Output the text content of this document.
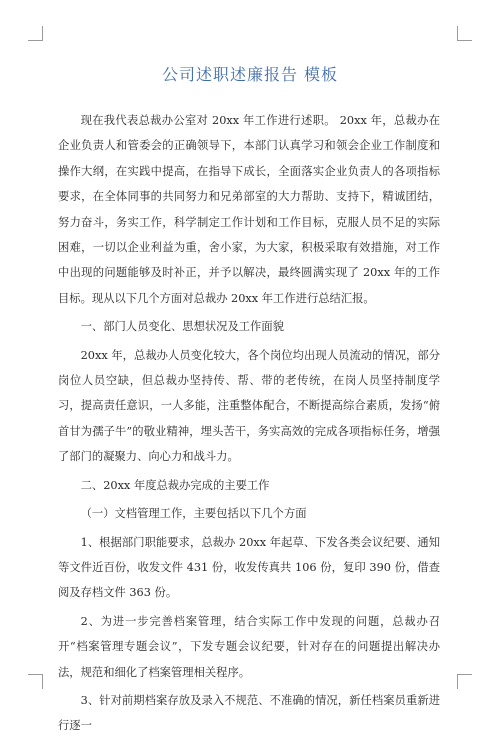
公司述职述廉报告 模板

现在我代表总裁办公室对 20xx 年工作进行述职。 20xx 年，总裁办在企业负责人和管委会的正确领导下，本部门认真学习和领会企业工作制度和操作大纲，在实践中提高，在指导下成长，全面落实企业负责人的各项指标要求，在全体同事的共同努力和兄弟部室的大力帮助、支持下，精诚团结，努力奋斗，务实工作，科学制定工作计划和工作目标，克服人员不足的实际困难，一切以企业利益为重，舍小家，为大家，积极采取有效措施，对工作中出现的问题能够及时补正，并予以解决，最终圆满实现了 20xx 年的工作目标。现从以下几个方面对总裁办 20xx 年工作进行总结汇报。

一、部门人员变化、思想状况及工作面貌

20xx 年，总裁办人员变化较大，各个岗位均出现人员流动的情况，部分岗位人员空缺，但总裁办坚持传、帮、带的老传统，在岗人员坚持制度学习，提高责任意识，一人多能，注重整体配合，不断提高综合素质，发扬“俯首甘为孺子牛”的敬业精神，埋头苦干，务实高效的完成各项指标任务，增强了部门的凝聚力、向心力和战斗力。

二、20xx 年度总裁办完成的主要工作

（一）文档管理工作，主要包括以下几个方面

1、根据部门职能要求，总裁办 20xx 年起草、下发各类会议纪要、通知等文件近百份，收发文件 431 份，收发传真共 106 份，复印 390 份，借查阅及存档文件 363 份。

2、为进一步完善档案管理，结合实际工作中发现的问题，总裁办召开“档案管理专题会议”，下发专题会议纪要，针对存在的问题提出解决办法，规范和细化了档案管理相关程序。

3、针对前期档案存放及录入不规范、不准确的情况，新任档案员重新进行逐一
